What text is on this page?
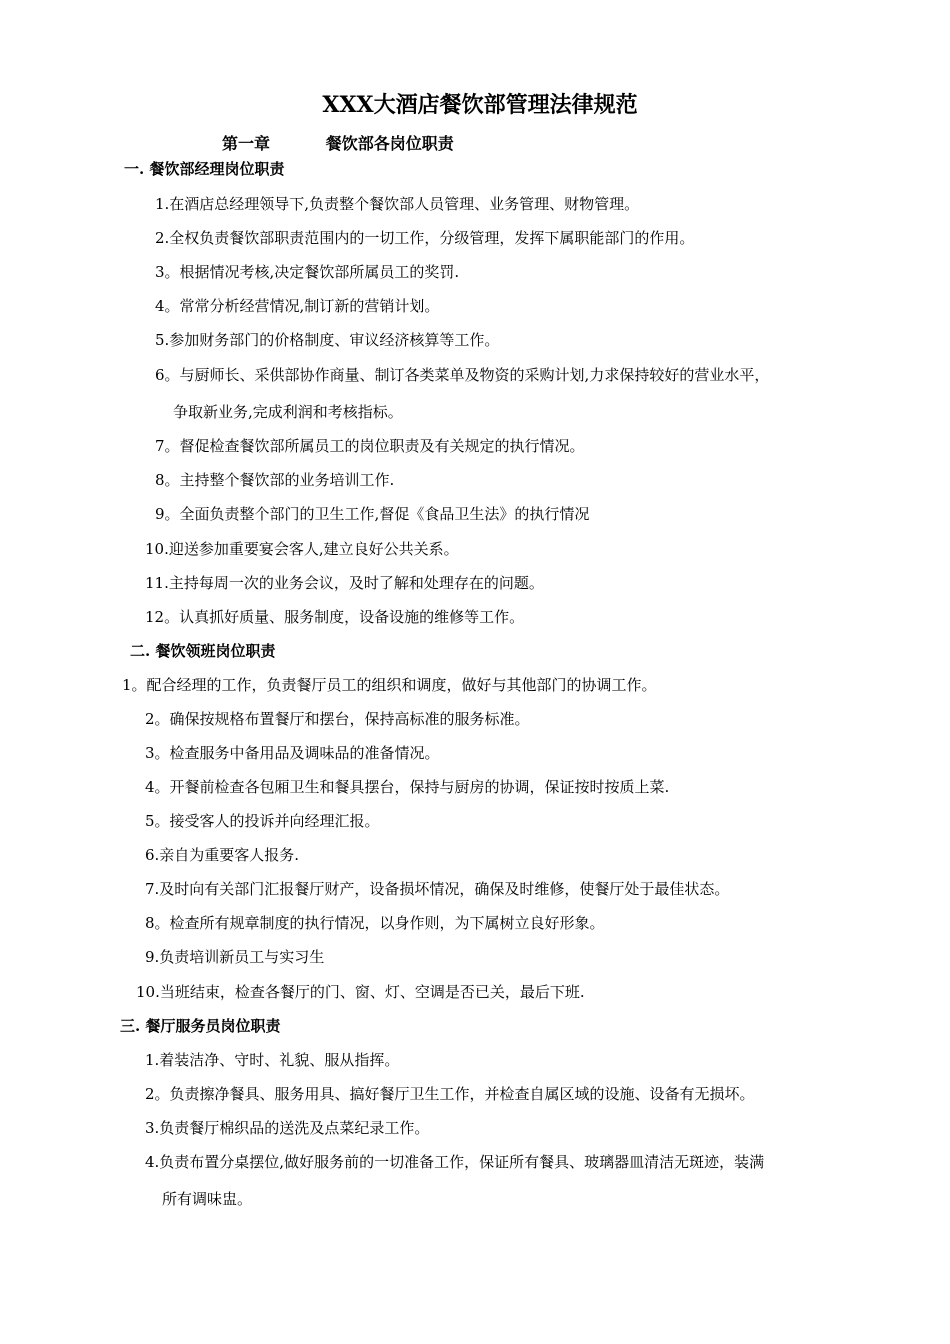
XXX大酒店餐饮部管理法律规范
第一章          餐饮部各岗位职责
一. 餐饮部经理岗位职责
1.在酒店总经理领导下,负责整个餐饮部人员管理、业务管理、财物管理。
2.全权负责餐饮部职责范围内的一切工作，分级管理，发挥下属职能部门的作用。
3。根据情况考核,决定餐饮部所属员工的奖罚.
4。常常分析经营情况,制订新的营销计划。
5.参加财务部门的价格制度、审议经济核算等工作。
6。与厨师长、采供部协作商量、制订各类菜单及物资的采购计划,力求保持较好的营业水平，
争取新业务,完成利润和考核指标。
7。督促检查餐饮部所属员工的岗位职责及有关规定的执行情况。
8。主持整个餐饮部的业务培训工作.
9。全面负责整个部门的卫生工作,督促《食品卫生法》的执行情况
10.迎送参加重要宴会客人,建立良好公共关系。
11.主持每周一次的业务会议，及时了解和处理存在的问题。
12。认真抓好质量、服务制度，设备设施的维修等工作。
二. 餐饮领班岗位职责
1。配合经理的工作，负责餐厅员工的组织和调度，做好与其他部门的协调工作。
2。确保按规格布置餐厅和摆台，保持高标准的服务标准。
3。检查服务中备用品及调味品的准备情况。
4。开餐前检查各包厢卫生和餐具摆台，保持与厨房的协调，保证按时按质上菜.
5。接受客人的投诉并向经理汇报。
6.亲自为重要客人报务.
7.及时向有关部门汇报餐厅财产，设备损坏情况，确保及时维修，使餐厅处于最佳状态。
8。检查所有规章制度的执行情况，以身作则，为下属树立良好形象。
9.负责培训新员工与实习生
10.当班结束，检查各餐厅的门、窗、灯、空调是否已关，最后下班.
三. 餐厅服务员岗位职责
1.着装洁净、守时、礼貌、服从指挥。
2。负责擦净餐具、服务用具、搞好餐厅卫生工作，并检查自属区域的设施、设备有无损坏。
3.负责餐厅棉织品的送洗及点菜纪录工作。
4.负责布置分桌摆位,做好服务前的一切准备工作，保证所有餐具、玻璃器皿清洁无斑迹，装满
所有调味盅。
